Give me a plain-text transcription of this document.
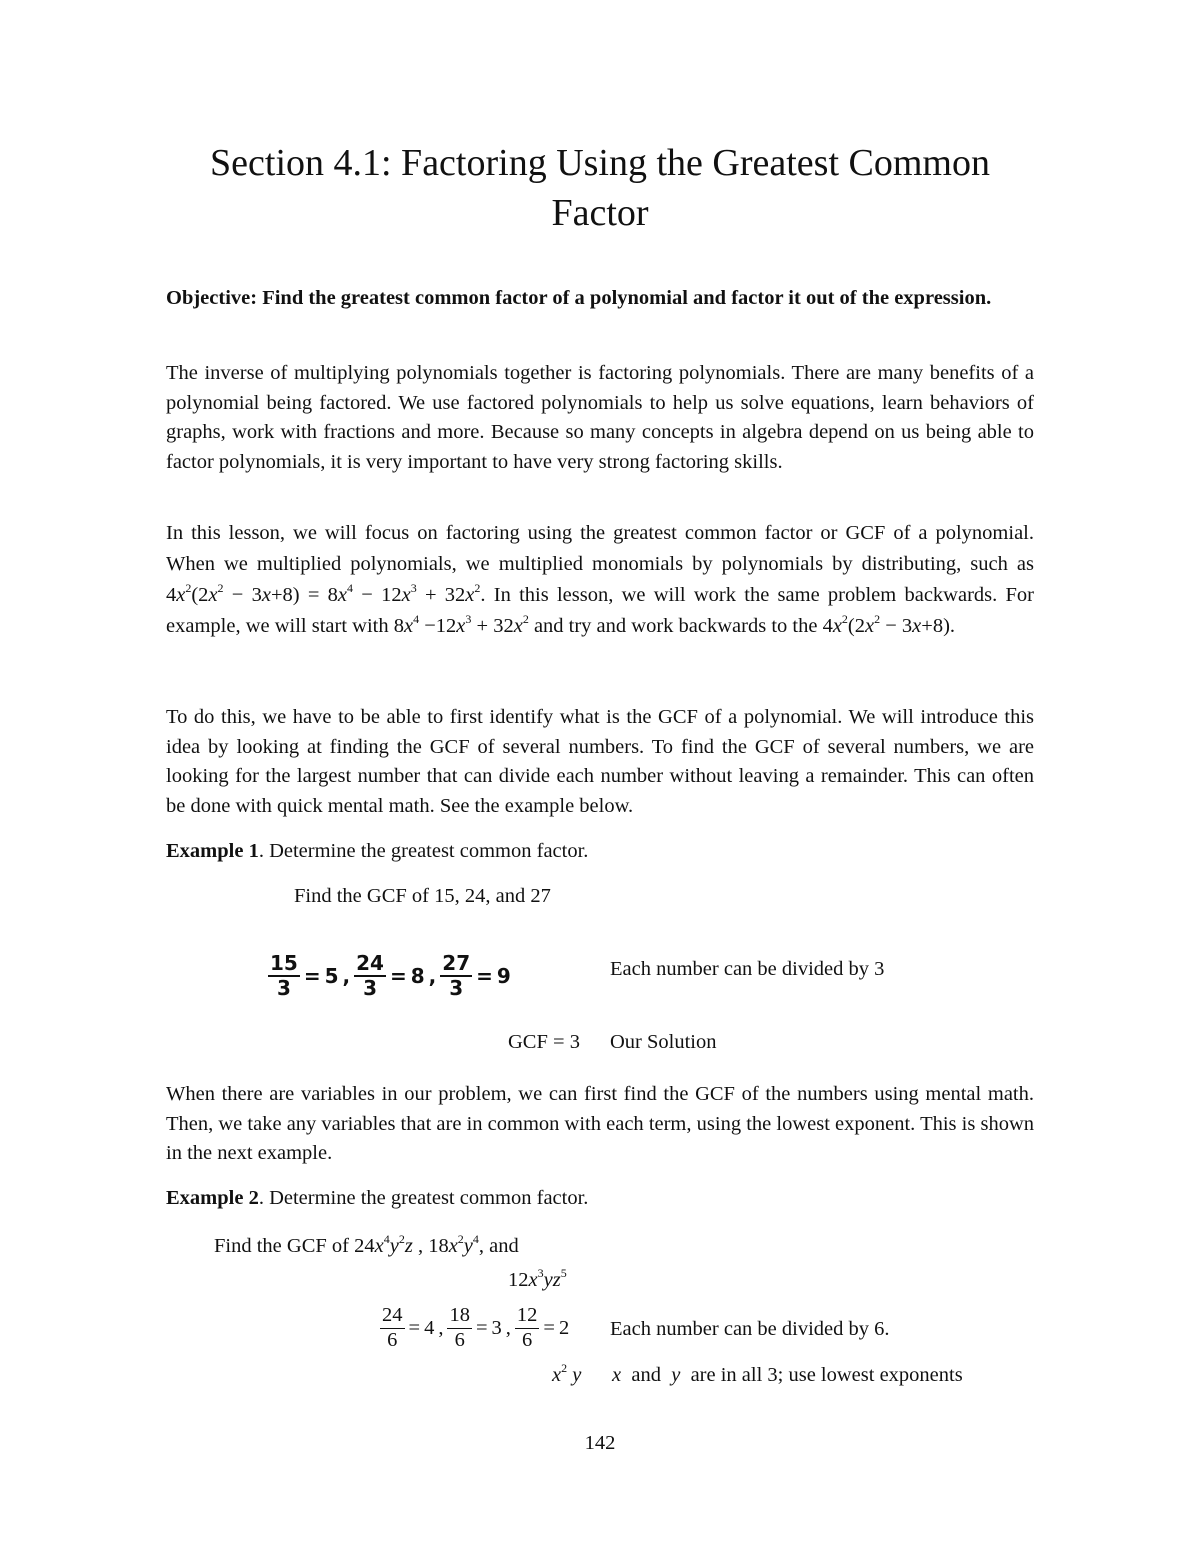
Section 4.1: Factoring Using the Greatest Common
Factor

Objective: Find the greatest common factor of a polynomial and factor it out of the expression.

The inverse of multiplying polynomials together is factoring polynomials. There are many benefits of a polynomial being factored. We use factored polynomials to help us solve equations, learn behaviors of graphs, work with fractions and more. Because so many concepts in algebra depend on us being able to factor polynomials, it is very important to have very strong factoring skills.

In this lesson, we will focus on factoring using the greatest common factor or GCF of a polynomial. When we multiplied polynomials, we multiplied monomials by polynomials by distributing, such as $4x^2(2x^2 - 3x+8) = 8x^4 - 12x^3 + 32x^2$. In this lesson, we will work the same problem backwards. For example, we will start with $8x^4 -12x^3 + 32x^2$ and try and work backwards to the $4x^2(2x^2 - 3x+8)$.

To do this, we have to be able to first identify what is the GCF of a polynomial. We will introduce this idea by looking at finding the GCF of several numbers. To find the GCF of several numbers, we are looking for the largest number that can divide each number without leaving a remainder. This can often be done with quick mental math. See the example below.

Example 1. Determine the greatest common factor.

Find the GCF of 15, 24, and 27

$\frac{15}{3} = 5$ , $\frac{24}{3} = 8$ , $\frac{27}{3} = 9$	Each number can be divided by 3

GCF = 3 Our Solution

When there are variables in our problem, we can first find the GCF of the numbers using mental math. Then, we take any variables that are in common with each term, using the lowest exponent. This is shown in the next example.

Example 2. Determine the greatest common factor.

Find the GCF of $24x^4y^2z$ , $18x^2y^4$, and

$12x^3yz^5$

$\frac{24}{6} = 4$ , $\frac{18}{6} = 3$ , $\frac{12}{6} = 2$ Each number can be divided by 6.

$x^2$ y x and y are in all 3; use lowest exponents

142
